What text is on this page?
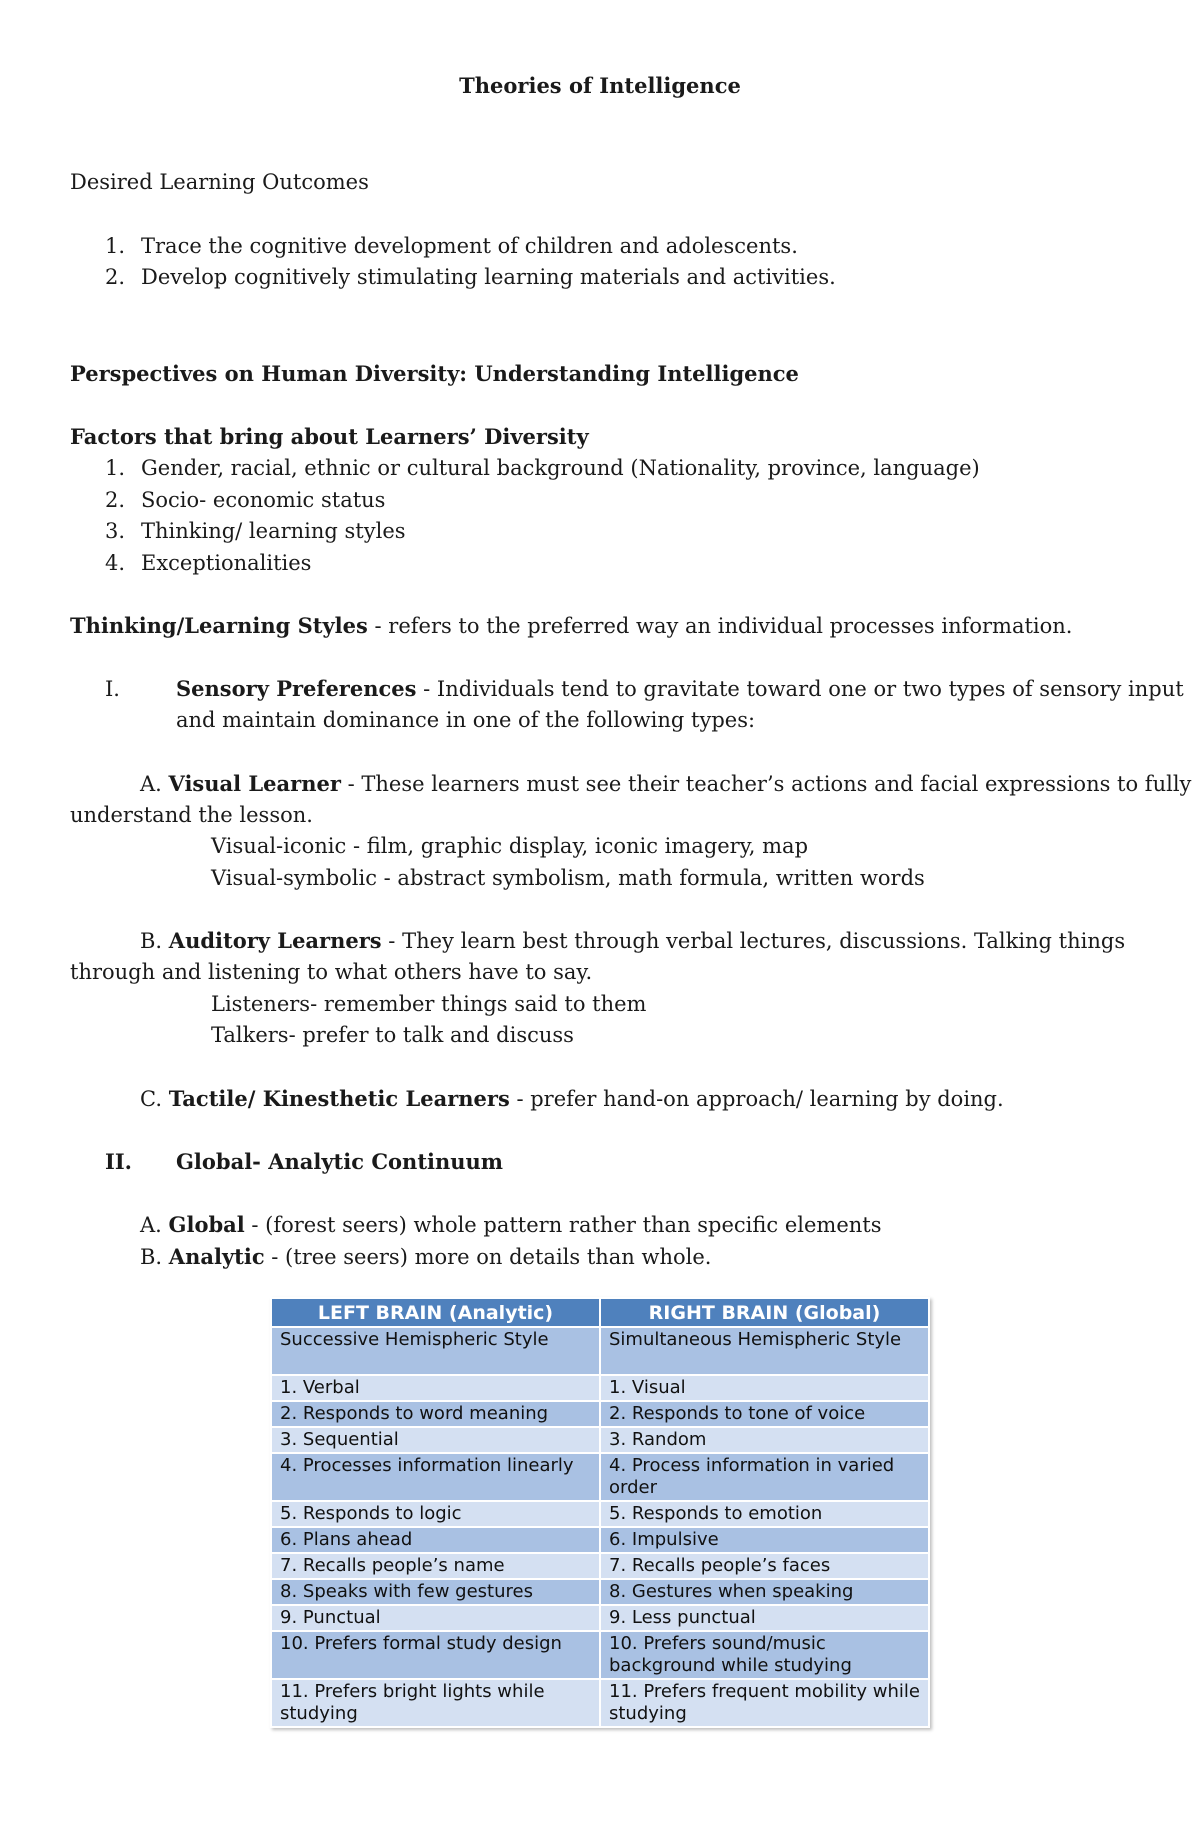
Theories of Intelligence
Desired Learning Outcomes
1. Trace the cognitive development of children and adolescents.
2. Develop cognitively stimulating learning materials and activities.
Perspectives on Human Diversity: Understanding Intelligence
Factors that bring about Learners’ Diversity
1. Gender, racial, ethnic or cultural background (Nationality, province, language)
2. Socio- economic status
3. Thinking/ learning styles
4. Exceptionalities
Thinking/Learning Styles - refers to the preferred way an individual processes information.
I.	Sensory Preferences - Individuals tend to gravitate toward one or two types of sensory input
and maintain dominance in one of the following types:
A. Visual Learner - These learners must see their teacher’s actions and facial expressions to fully
understand the lesson.
Visual-iconic - film, graphic display, iconic imagery, map
Visual-symbolic - abstract symbolism, math formula, written words
B. Auditory Learners - They learn best through verbal lectures, discussions. Talking things
through and listening to what others have to say.
Listeners- remember things said to them
Talkers- prefer to talk and discuss
C. Tactile/ Kinesthetic Learners - prefer hand-on approach/ learning by doing.
II. Global- Analytic Continuum
A. Global - (forest seers) whole pattern rather than specific elements
B. Analytic - (tree seers) more on details than whole.
LEFT BRAIN (Analytic)	RIGHT BRAIN (Global)
Successive Hemispheric Style	Simultaneous Hemispheric Style
1. Verbal	1. Visual
2. Responds to word meaning	2. Responds to tone of voice
3. Sequential	3. Random
4. Processes information linearly	4. Process information in varied order
5. Responds to logic	5. Responds to emotion
6. Plans ahead	6. Impulsive
7. Recalls people’s name	7. Recalls people’s faces
8. Speaks with few gestures	8. Gestures when speaking
9. Punctual	9. Less punctual
10. Prefers formal study design	10. Prefers sound/music background while studying
11. Prefers bright lights while studying	11. Prefers frequent mobility while studying
